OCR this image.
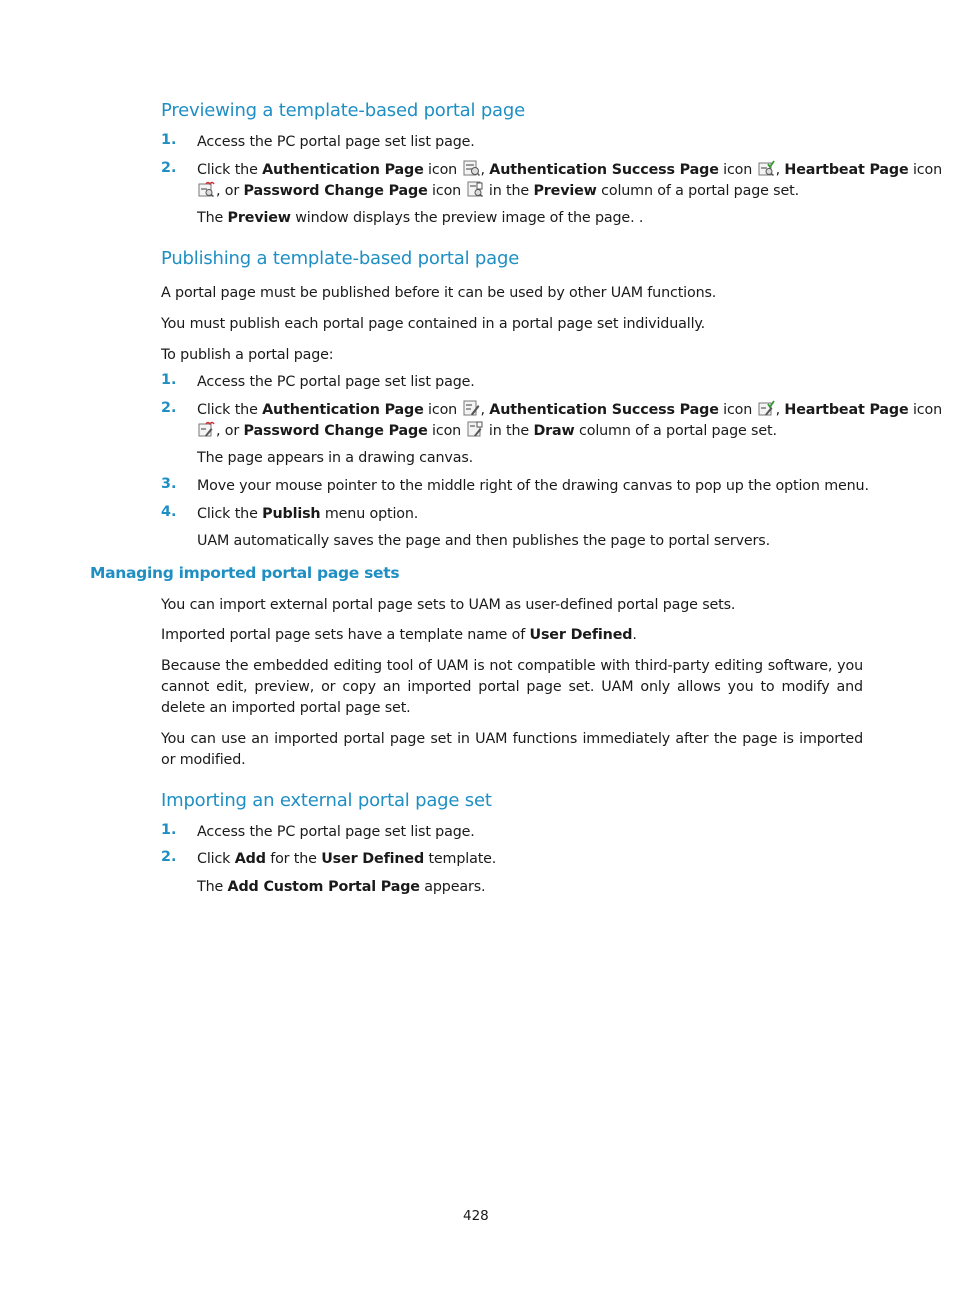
Previewing a template-based portal page
1. Access the PC portal page set list page.
2. Click the Authentication Page icon
, Authentication Success Page icon
, Heartbeat Page icon
, or Password Change Page icon
in the Preview column of a portal page set.
The Preview window displays the preview image of the page. .
Publishing a template-based portal page
A portal page must be published before it can be used by other UAM functions.
You must publish each portal page contained in a portal page set individually.
To publish a portal page:
1. Access the PC portal page set list page.
2. Click the Authentication Page icon
, Authentication Success Page icon
, Heartbeat Page icon
, or Password Change Page icon
in the Draw column of a portal page set.
The page appears in a drawing canvas.
3. Move your mouse pointer to the middle right of the drawing canvas to pop up the option menu.
4. Click the Publish menu option.
UAM automatically saves the page and then publishes the page to portal servers.
Managing imported portal page sets
You can import external portal page sets to UAM as user-defined portal page sets.
Imported portal page sets have a template name of User Defined.
Because the embedded editing tool of UAM is not compatible with third-party editing software, you cannot edit, preview, or copy an imported portal page set. UAM only allows you to modify and delete an imported portal page set.
You can use an imported portal page set in UAM functions immediately after the page is imported or modified.
Importing an external portal page set
1. Access the PC portal page set list page.
2. Click Add for the User Defined template.
The Add Custom Portal Page appears.
428
